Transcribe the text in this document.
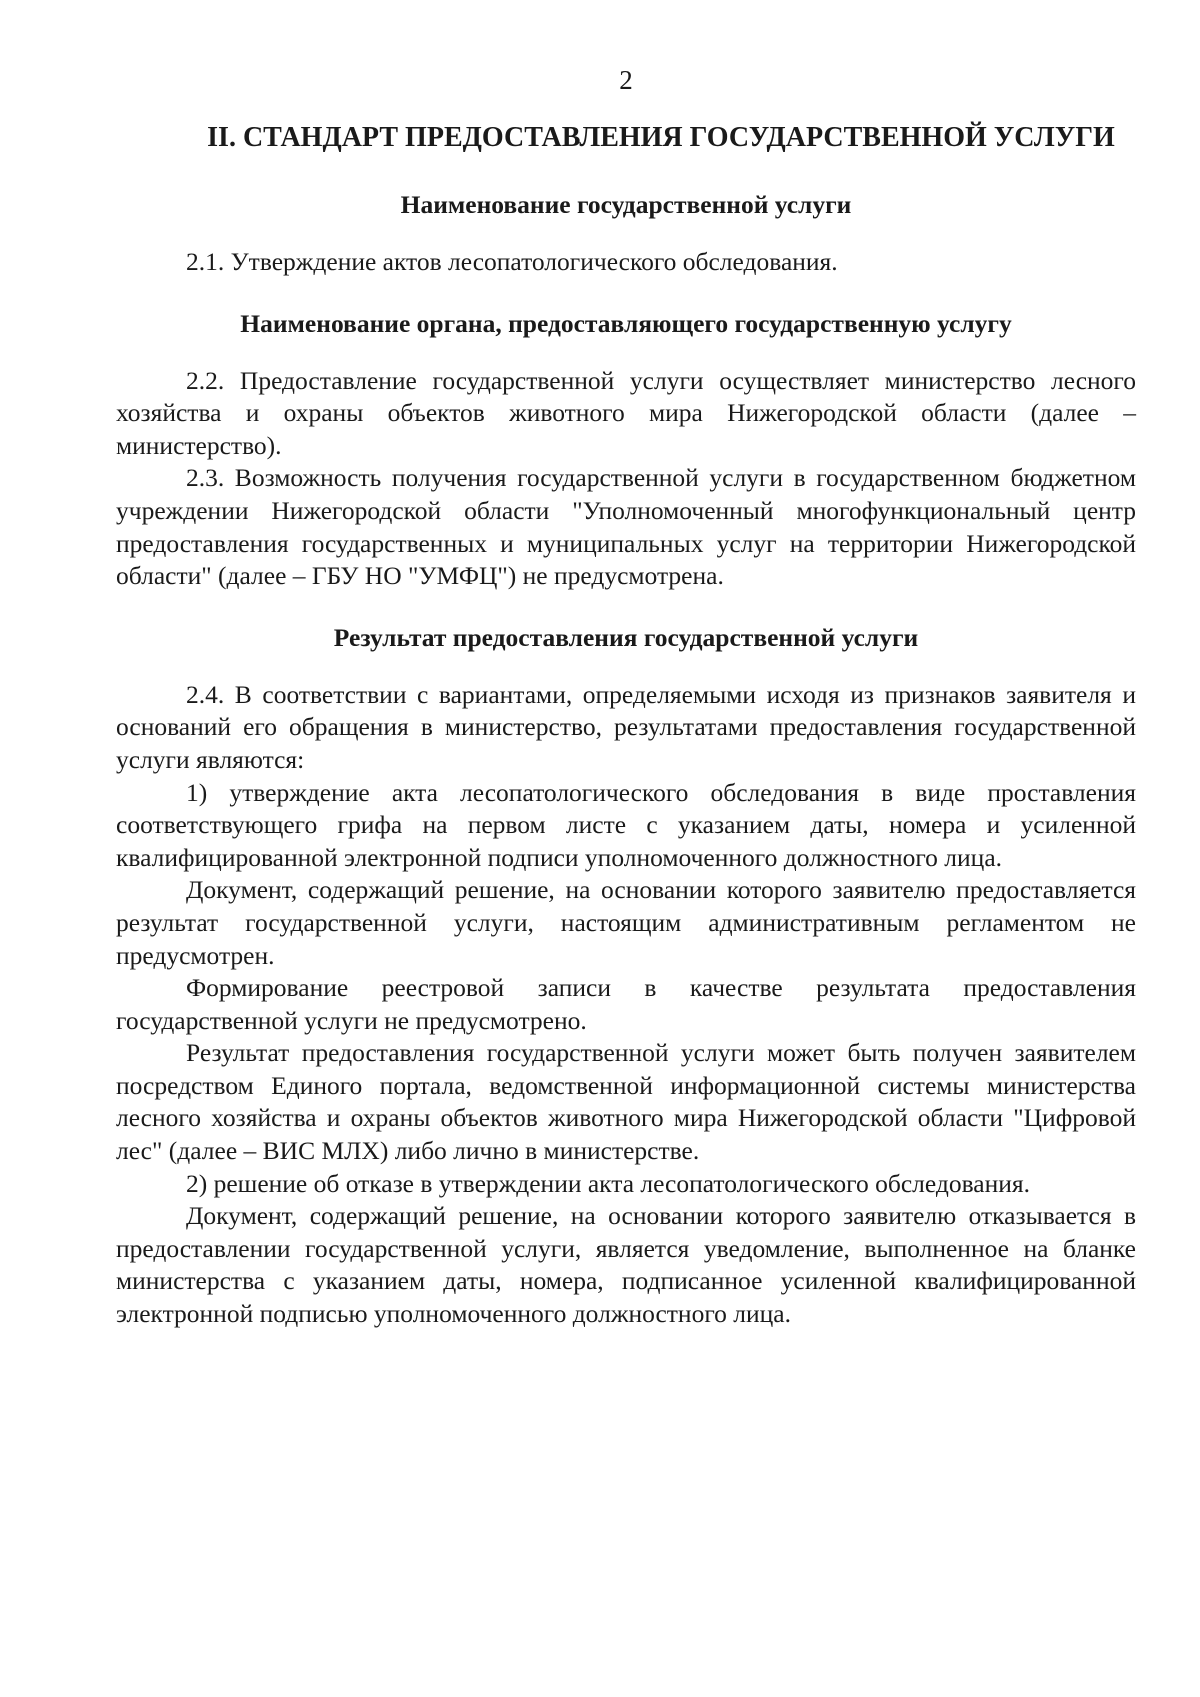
2
II. СТАНДАРТ ПРЕДОСТАВЛЕНИЯ ГОСУДАРСТВЕННОЙ УСЛУГИ
Наименование государственной услуги

2.1. Утверждение актов лесопатологического обследования.

Наименование органа, предоставляющего государственную услугу

2.2. Предоставление государственной услуги осуществляет министерство лесного хозяйства и охраны объектов животного мира Нижегородской области (далее – министерство).

2.3. Возможность получения государственной услуги в государственном бюджетном учреждении Нижегородской области "Уполномоченный многофункциональный центр предоставления государственных и муниципальных услуг на территории Нижегородской области" (далее – ГБУ НО "УМФЦ") не предусмотрена.

Результат предоставления государственной услуги

2.4. В соответствии с вариантами, определяемыми исходя из признаков заявителя и оснований его обращения в министерство, результатами предоставления государственной услуги являются:

1) утверждение акта лесопатологического обследования в виде проставления соответствующего грифа на первом листе с указанием даты, номера и усиленной квалифицированной электронной подписи уполномоченного должностного лица.

Документ, содержащий решение, на основании которого заявителю предоставляется результат государственной услуги, настоящим административным регламентом не предусмотрен.

Формирование реестровой записи в качестве результата предоставления государственной услуги не предусмотрено.

Результат предоставления государственной услуги может быть получен заявителем посредством Единого портала, ведомственной информационной системы министерства лесного хозяйства и охраны объектов животного мира Нижегородской области "Цифровой лес" (далее – ВИС МЛХ) либо лично в министерстве.

2) решение об отказе в утверждении акта лесопатологического обследования.

Документ, содержащий решение, на основании которого заявителю отказывается в предоставлении государственной услуги, является уведомление, выполненное на бланке министерства с указанием даты, номера, подписанное усиленной квалифицированной электронной подписью уполномоченного должностного лица.
